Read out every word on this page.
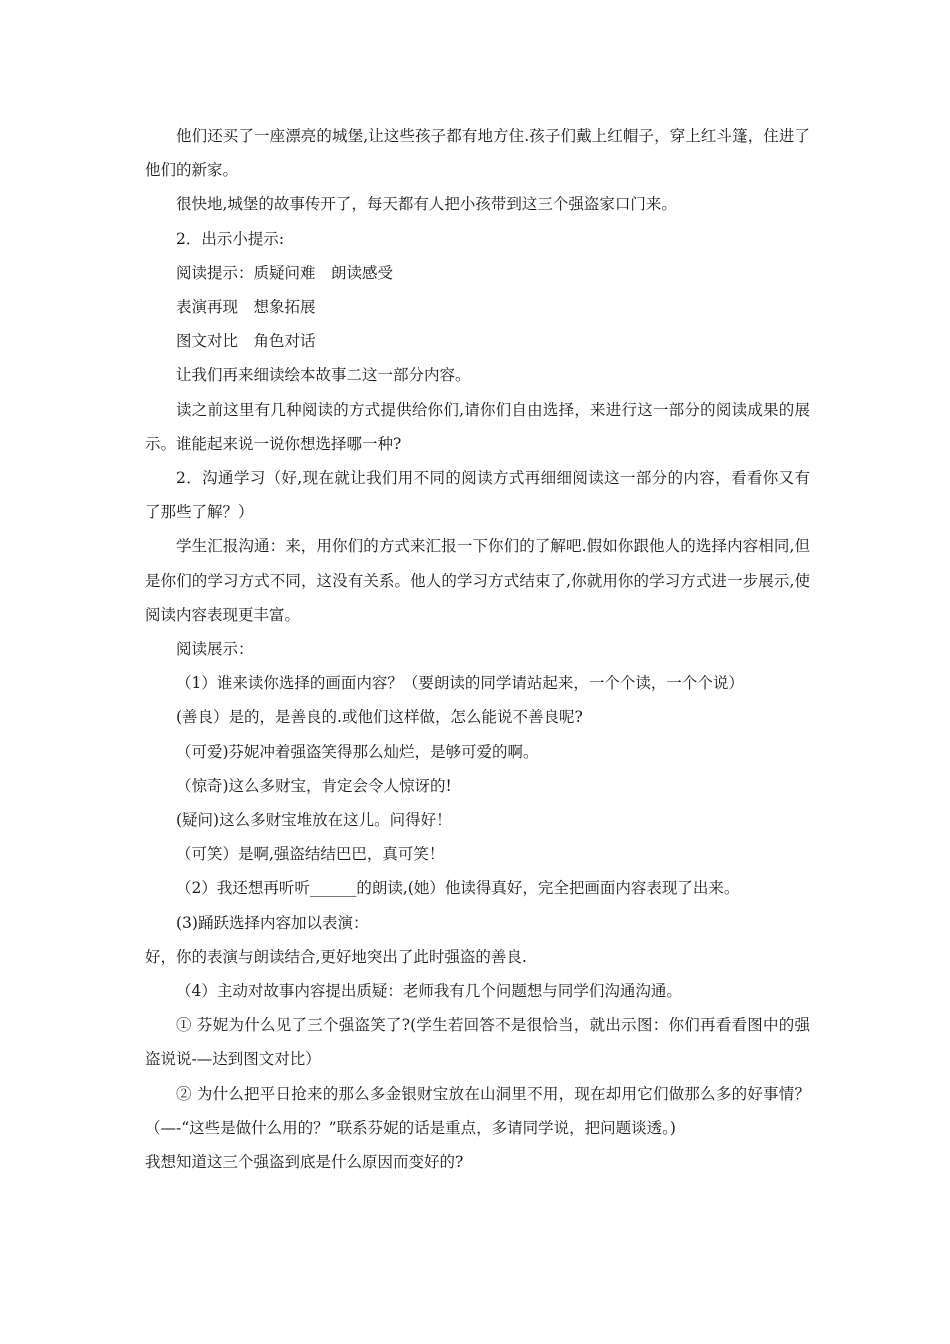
他们还买了一座漂亮的城堡,让这些孩子都有地方住.孩子们戴上红帽子，穿上红斗篷，住进了他们的新家。

很快地,城堡的故事传开了，每天都有人把小孩带到这三个强盗家口门来。

2．出示小提示:

阅读提示：质疑问难　朗读感受

表演再现　想象拓展

图文对比　角色对话

让我们再来细读绘本故事二这一部分内容。

读之前这里有几种阅读的方式提供给你们,请你们自由选择，来进行这一部分的阅读成果的展示。谁能起来说一说你想选择哪一种?

2．沟通学习（好,现在就让我们用不同的阅读方式再细细阅读这一部分的内容，看看你又有了那些了解？）

学生汇报沟通：来，用你们的方式来汇报一下你们的了解吧.假如你跟他人的选择内容相同,但是你们的学习方式不同，这没有关系。他人的学习方式结束了,你就用你的学习方式进一步展示,使阅读内容表现更丰富。

阅读展示：

（1）谁来读你选择的画面内容？（要朗读的同学请站起来，一个个读，一个个说）

(善良）是的，是善良的.或他们这样做，怎么能说不善良呢?

（可爱)芬妮冲着强盗笑得那么灿烂，是够可爱的啊。

（惊奇)这么多财宝，肯定会令人惊讶的!

(疑问)这么多财宝堆放在这儿。问得好！

（可笑）是啊,强盗结结巴巴，真可笑！

（2）我还想再听听______的朗读,(她）他读得真好，完全把画面内容表现了出来。

(3)踊跃选择内容加以表演：

好，你的表演与朗读结合,更好地突出了此时强盗的善良.

（4）主动对故事内容提出质疑：老师我有几个问题想与同学们沟通沟通。

① 芬妮为什么见了三个强盗笑了?(学生若回答不是很恰当，就出示图：你们再看看图中的强盗说说-—达到图文对比）

② 为什么把平日抢来的那么多金银财宝放在山洞里不用，现在却用它们做那么多的好事情？（—-“这些是做什么用的？”联系芬妮的话是重点，多请同学说，把问题谈透。)

我想知道这三个强盗到底是什么原因而变好的?
